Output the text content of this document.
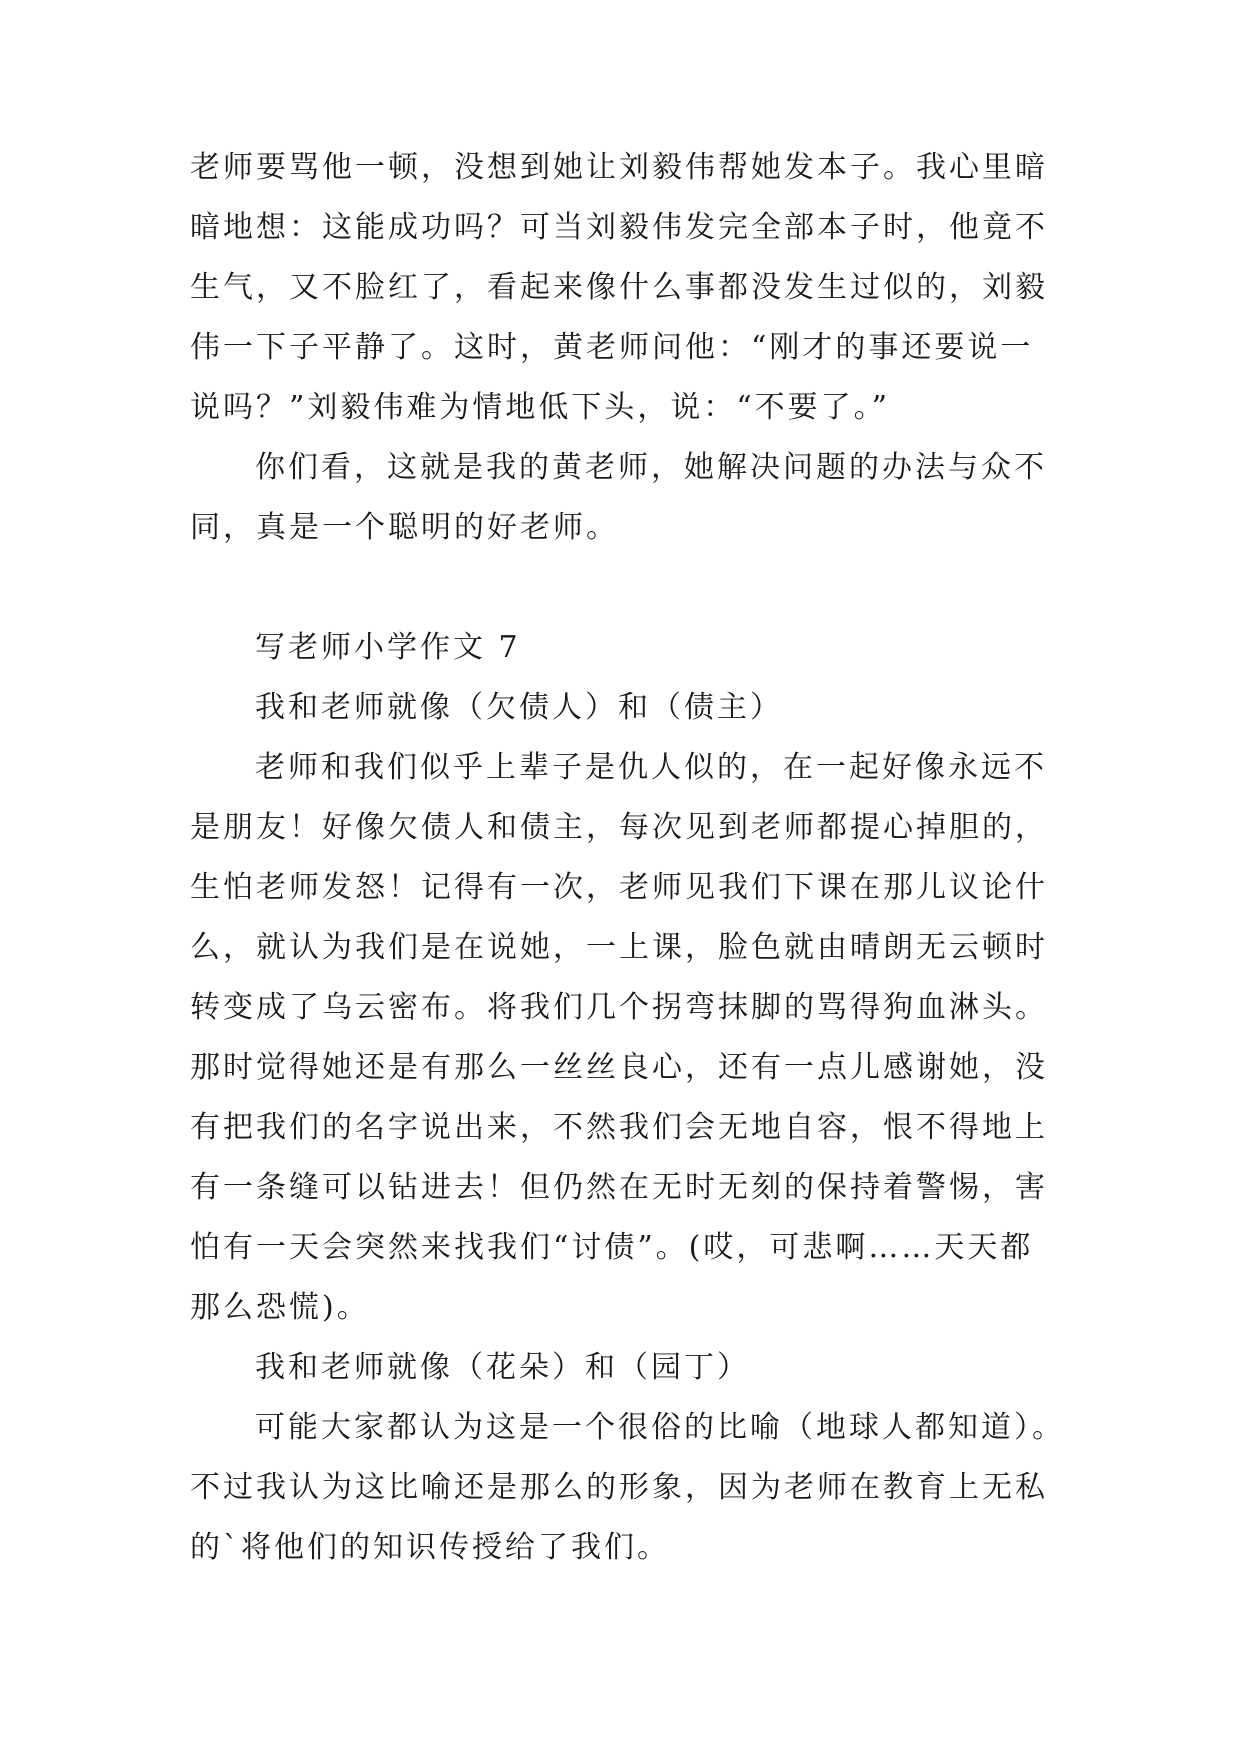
老师要骂他一顿，没想到她让刘毅伟帮她发本子。我心里暗
暗地想：这能成功吗？可当刘毅伟发完全部本子时，他竟不
生气，又不脸红了，看起来像什么事都没发生过似的，刘毅
伟一下子平静了。这时，黄老师问他：“刚才的事还要说一
说吗？”刘毅伟难为情地低下头，说：“不要了。”
你们看，这就是我的黄老师，她解决问题的办法与众不
同，真是一个聪明的好老师。
写老师小学作文 7
我和老师就像（欠债人）和（债主）
老师和我们似乎上辈子是仇人似的，在一起好像永远不
是朋友！好像欠债人和债主，每次见到老师都提心掉胆的，
生怕老师发怒！记得有一次，老师见我们下课在那儿议论什
么，就认为我们是在说她，一上课，脸色就由晴朗无云顿时
转变成了乌云密布。将我们几个拐弯抹脚的骂得狗血淋头。
那时觉得她还是有那么一丝丝良心，还有一点儿感谢她，没
有把我们的名字说出来，不然我们会无地自容，恨不得地上
有一条缝可以钻进去！但仍然在无时无刻的保持着警惕，害
怕有一天会突然来找我们“讨债”。(哎，可悲啊……天天都
那么恐慌)。
我和老师就像（花朵）和（园丁）
可能大家都认为这是一个很俗的比喻（地球人都知道）。
不过我认为这比喻还是那么的形象，因为老师在教育上无私
的`将他们的知识传授给了我们。
